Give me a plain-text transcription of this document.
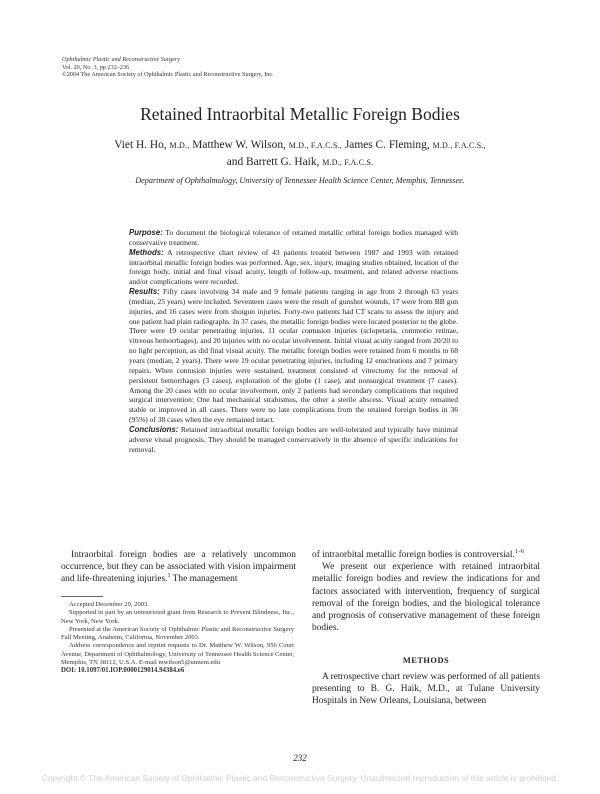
Ophthalmic Plastic and Reconstructive Surgery
Vol. 20, No. 3, pp 232–236
©2004 The American Society of Ophthalmic Plastic and Reconstructive Surgery, Inc.
Retained Intraorbital Metallic Foreign Bodies
Viet H. Ho, M.D., Matthew W. Wilson, M.D., F.A.C.S., James C. Fleming, M.D., F.A.C.S.,
and Barrett G. Haik, M.D., F.A.C.S.
Department of Ophthalmology, University of Tennessee Health Science Center, Memphis, Tennessee.

Purpose: To document the biological tolerance of retained metallic orbital foreign bodies managed with conservative treatment.

Methods: A retrospective chart review of 43 patients treated between 1987 and 1993 with retained intraorbital metallic foreign bodies was performed. Age, sex, injury, imaging studies obtained, location of the foreign body, initial and final visual acuity, length of follow-up, treatment, and related adverse reactions and/or complications were recorded.

Results: Fifty cases involving 34 male and 9 female patients ranging in age from 2 through 63 years (median, 25 years) were included. Seventeen cases were the result of gunshot wounds, 17 were from BB gun injuries, and 16 cases were from shotgun injuries. Forty-two patients had CT scans to assess the injury and one patient had plain radiographs. In 37 cases, the metallic foreign bodies were located posterior to the globe. There were 19 ocular penetrating injuries, 11 ocular contusion injuries (sclopetaria, commotio retinae, vitreous hemorrhages), and 20 injuries with no ocular involvement. Initial visual acuity ranged from 20/20 to no light perception, as did final visual acuity. The metallic foreign bodies were retained from 6 months to 68 years (median, 2 years). There were 19 ocular penetrating injuries, including 12 enucleations and 7 primary repairs. When contusion injuries were sustained, treatment consisted of vitrectomy for the removal of persistent hemorrhages (3 cases), exploration of the globe (1 case), and nonsurgical treatment (7 cases). Among the 20 cases with no ocular involvement, only 2 patients had secondary complications that required surgical intervention: One had mechanical strabismus, the other a sterile abscess. Visual acuity remained stable or improved in all cases. There were no late complications from the retained foreign bodies in 36 (95%) of 38 cases when the eye remained intact.

Conclusions: Retained intraorbital metallic foreign bodies are well-tolerated and typically have minimal adverse visual prognosis. They should be managed conservatively in the absence of specific indications for removal.

Intraorbital foreign bodies are a relatively uncommon occurrence, but they can be associated with vision impairment and life-threatening injuries.$^1$ The management

of intraorbital metallic foreign bodies is controversial.$^{1-6}$

We present our experience with retained intraorbital metallic foreign bodies and review the indications for and factors associated with intervention, frequency of surgical removal of the foreign bodies, and the biological tolerance and prognosis of conservative management of these foreign bodies.

Accepted December 29, 2003.

Supported in part by an unrestricted grant from Research to Prevent Blindness, Inc., New York, New York.

Presented at the American Society of Ophthalmic Plastic and Reconstructive Surgery Fall Meeting, Anaheim, California, November 2003.

Address correspondence and reprint requests to Dr. Matthew W. Wilson, 956 Court Avenue, Department of Ophthalmology, University of Tennessee Health Science Center, Memphis, TN 38112, U.S.A. E-mail mwilson5@utmem.edu

DOI: 10.1097/01.IOP.0000129014.94384.e6

METHODS

A retrospective chart review was performed of all patients presenting to B. G. Haik, M.D., at Tulane University Hospitals in New Orleans, Louisiana, between

232
Copyright © The American Society of Ophthalmic Plastic and Reconstructive Surgery. Unauthorized reproduction of this article is prohibited.
